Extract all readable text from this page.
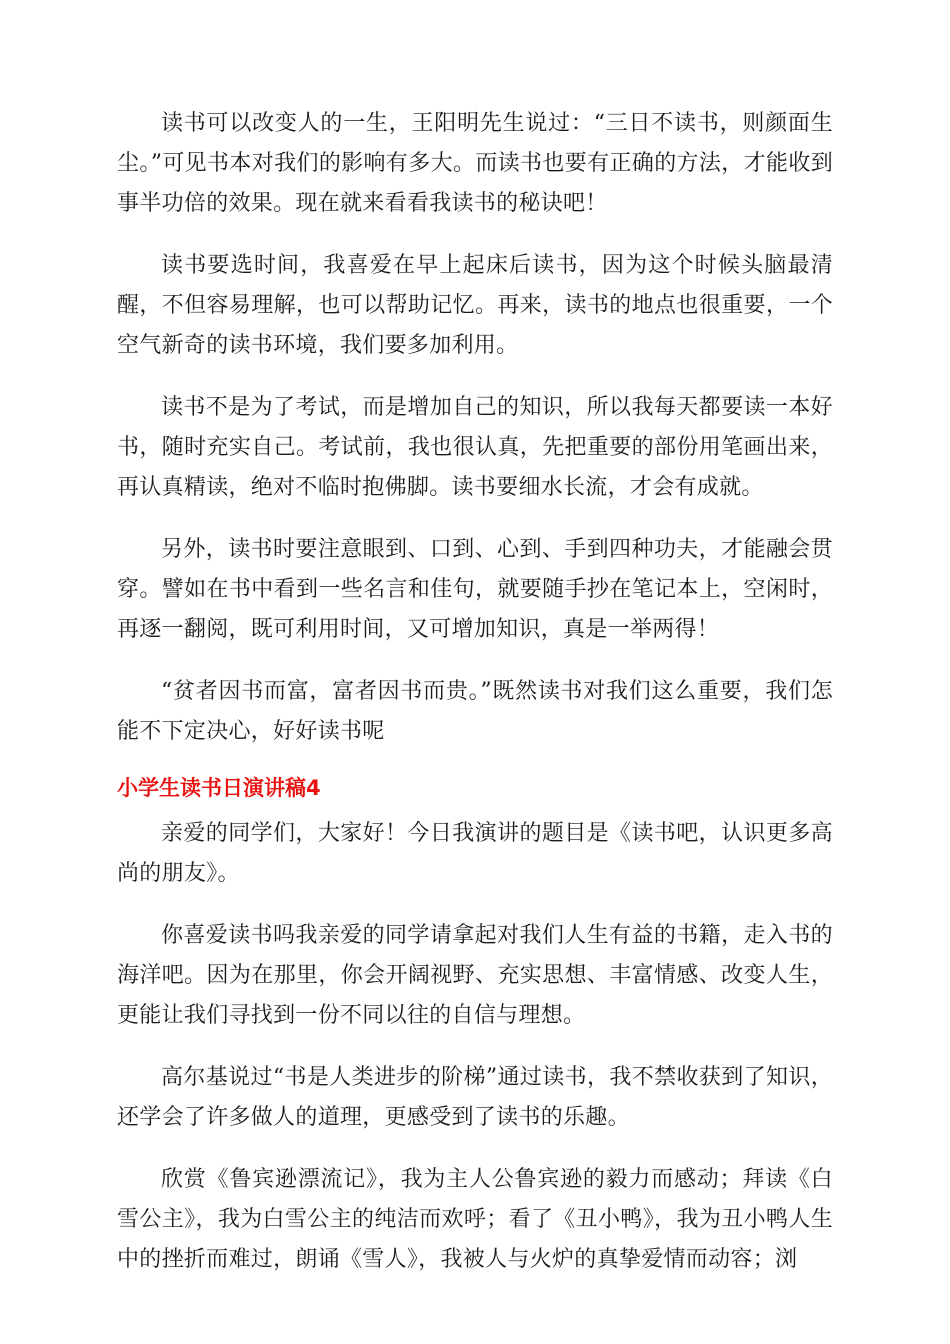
读书可以改变人的一生，王阳明先生说过：“三日不读书，则颜面生尘。”可见书本对我们的影响有多大。而读书也要有正确的方法，才能收到事半功倍的效果。现在就来看看我读书的秘诀吧！

读书要选时间，我喜爱在早上起床后读书，因为这个时候头脑最清醒，不但容易理解，也可以帮助记忆。再来，读书的地点也很重要，一个空气新奇的读书环境，我们要多加利用。

读书不是为了考试，而是增加自己的知识，所以我每天都要读一本好书，随时充实自己。考试前，我也很认真，先把重要的部份用笔画出来，再认真精读，绝对不临时抱佛脚。读书要细水长流，才会有成就。

另外，读书时要注意眼到、口到、心到、手到四种功夫，才能融会贯穿。譬如在书中看到一些名言和佳句，就要随手抄在笔记本上，空闲时，再逐一翻阅，既可利用时间，又可增加知识，真是一举两得！

“贫者因书而富，富者因书而贵。”既然读书对我们这么重要，我们怎能不下定决心，好好读书呢

小学生读书日演讲稿4

亲爱的同学们，大家好！今日我演讲的题目是《读书吧，认识更多高尚的朋友》。

你喜爱读书吗我亲爱的同学请拿起对我们人生有益的书籍，走入书的海洋吧。因为在那里，你会开阔视野、充实思想、丰富情感、改变人生，更能让我们寻找到一份不同以往的自信与理想。

高尔基说过“书是人类进步的阶梯”通过读书，我不禁收获到了知识，还学会了许多做人的道理，更感受到了读书的乐趣。

欣赏《鲁宾逊漂流记》，我为主人公鲁宾逊的毅力而感动；拜读《白雪公主》，我为白雪公主的纯洁而欢呼；看了《丑小鸭》，我为丑小鸭人生中的挫折而难过，朗诵《雪人》，我被人与火炉的真挚爱情而动容；浏
